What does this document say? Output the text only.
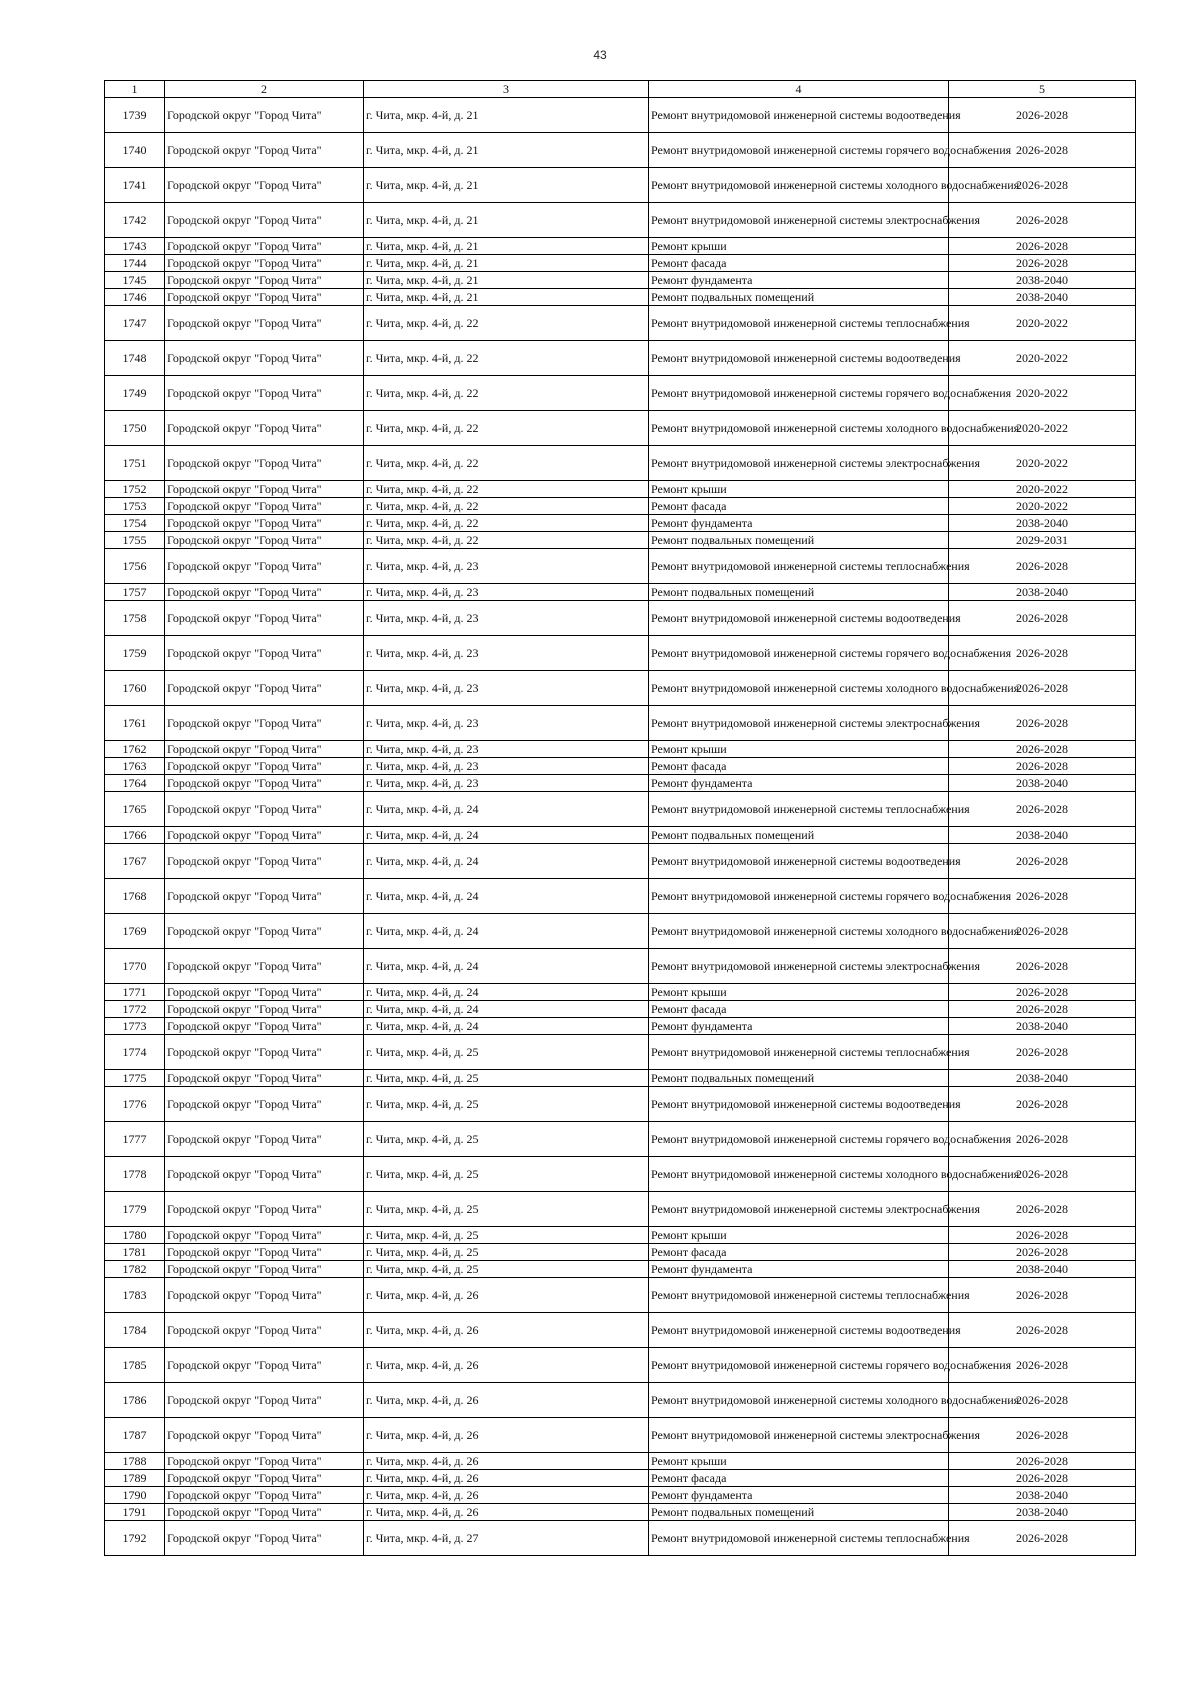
43
1	2	3	4	5
1739	Городской округ "Город Чита"	г. Чита, мкр. 4-й, д. 21	Ремонт внутридомовой инженерной системы водоотведения	2026-2028
1740	Городской округ "Город Чита"	г. Чита, мкр. 4-й, д. 21	Ремонт внутридомовой инженерной системы горячего водоснабжения	2026-2028
1741	Городской округ "Город Чита"	г. Чита, мкр. 4-й, д. 21	Ремонт внутридомовой инженерной системы холодного водоснабжения	2026-2028
1742	Городской округ "Город Чита"	г. Чита, мкр. 4-й, д. 21	Ремонт внутридомовой инженерной системы электроснабжения	2026-2028
1743	Городской округ "Город Чита"	г. Чита, мкр. 4-й, д. 21	Ремонт крыши	2026-2028
1744	Городской округ "Город Чита"	г. Чита, мкр. 4-й, д. 21	Ремонт фасада	2026-2028
1745	Городской округ "Город Чита"	г. Чита, мкр. 4-й, д. 21	Ремонт фундамента	2038-2040
1746	Городской округ "Город Чита"	г. Чита, мкр. 4-й, д. 21	Ремонт подвальных помещений	2038-2040
1747	Городской округ "Город Чита"	г. Чита, мкр. 4-й, д. 22	Ремонт внутридомовой инженерной системы теплоснабжения	2020-2022
1748	Городской округ "Город Чита"	г. Чита, мкр. 4-й, д. 22	Ремонт внутридомовой инженерной системы водоотведения	2020-2022
1749	Городской округ "Город Чита"	г. Чита, мкр. 4-й, д. 22	Ремонт внутридомовой инженерной системы горячего водоснабжения	2020-2022
1750	Городской округ "Город Чита"	г. Чита, мкр. 4-й, д. 22	Ремонт внутридомовой инженерной системы холодного водоснабжения	2020-2022
1751	Городской округ "Город Чита"	г. Чита, мкр. 4-й, д. 22	Ремонт внутридомовой инженерной системы электроснабжения	2020-2022
1752	Городской округ "Город Чита"	г. Чита, мкр. 4-й, д. 22	Ремонт крыши	2020-2022
1753	Городской округ "Город Чита"	г. Чита, мкр. 4-й, д. 22	Ремонт фасада	2020-2022
1754	Городской округ "Город Чита"	г. Чита, мкр. 4-й, д. 22	Ремонт фундамента	2038-2040
1755	Городской округ "Город Чита"	г. Чита, мкр. 4-й, д. 22	Ремонт подвальных помещений	2029-2031
1756	Городской округ "Город Чита"	г. Чита, мкр. 4-й, д. 23	Ремонт внутридомовой инженерной системы теплоснабжения	2026-2028
1757	Городской округ "Город Чита"	г. Чита, мкр. 4-й, д. 23	Ремонт подвальных помещений	2038-2040
1758	Городской округ "Город Чита"	г. Чита, мкр. 4-й, д. 23	Ремонт внутридомовой инженерной системы водоотведения	2026-2028
1759	Городской округ "Город Чита"	г. Чита, мкр. 4-й, д. 23	Ремонт внутридомовой инженерной системы горячего водоснабжения	2026-2028
1760	Городской округ "Город Чита"	г. Чита, мкр. 4-й, д. 23	Ремонт внутридомовой инженерной системы холодного водоснабжения	2026-2028
1761	Городской округ "Город Чита"	г. Чита, мкр. 4-й, д. 23	Ремонт внутридомовой инженерной системы электроснабжения	2026-2028
1762	Городской округ "Город Чита"	г. Чита, мкр. 4-й, д. 23	Ремонт крыши	2026-2028
1763	Городской округ "Город Чита"	г. Чита, мкр. 4-й, д. 23	Ремонт фасада	2026-2028
1764	Городской округ "Город Чита"	г. Чита, мкр. 4-й, д. 23	Ремонт фундамента	2038-2040
1765	Городской округ "Город Чита"	г. Чита, мкр. 4-й, д. 24	Ремонт внутридомовой инженерной системы теплоснабжения	2026-2028
1766	Городской округ "Город Чита"	г. Чита, мкр. 4-й, д. 24	Ремонт подвальных помещений	2038-2040
1767	Городской округ "Город Чита"	г. Чита, мкр. 4-й, д. 24	Ремонт внутридомовой инженерной системы водоотведения	2026-2028
1768	Городской округ "Город Чита"	г. Чита, мкр. 4-й, д. 24	Ремонт внутридомовой инженерной системы горячего водоснабжения	2026-2028
1769	Городской округ "Город Чита"	г. Чита, мкр. 4-й, д. 24	Ремонт внутридомовой инженерной системы холодного водоснабжения	2026-2028
1770	Городской округ "Город Чита"	г. Чита, мкр. 4-й, д. 24	Ремонт внутридомовой инженерной системы электроснабжения	2026-2028
1771	Городской округ "Город Чита"	г. Чита, мкр. 4-й, д. 24	Ремонт крыши	2026-2028
1772	Городской округ "Город Чита"	г. Чита, мкр. 4-й, д. 24	Ремонт фасада	2026-2028
1773	Городской округ "Город Чита"	г. Чита, мкр. 4-й, д. 24	Ремонт фундамента	2038-2040
1774	Городской округ "Город Чита"	г. Чита, мкр. 4-й, д. 25	Ремонт внутридомовой инженерной системы теплоснабжения	2026-2028
1775	Городской округ "Город Чита"	г. Чита, мкр. 4-й, д. 25	Ремонт подвальных помещений	2038-2040
1776	Городской округ "Город Чита"	г. Чита, мкр. 4-й, д. 25	Ремонт внутридомовой инженерной системы водоотведения	2026-2028
1777	Городской округ "Город Чита"	г. Чита, мкр. 4-й, д. 25	Ремонт внутридомовой инженерной системы горячего водоснабжения	2026-2028
1778	Городской округ "Город Чита"	г. Чита, мкр. 4-й, д. 25	Ремонт внутридомовой инженерной системы холодного водоснабжения	2026-2028
1779	Городской округ "Город Чита"	г. Чита, мкр. 4-й, д. 25	Ремонт внутридомовой инженерной системы электроснабжения	2026-2028
1780	Городской округ "Город Чита"	г. Чита, мкр. 4-й, д. 25	Ремонт крыши	2026-2028
1781	Городской округ "Город Чита"	г. Чита, мкр. 4-й, д. 25	Ремонт фасада	2026-2028
1782	Городской округ "Город Чита"	г. Чита, мкр. 4-й, д. 25	Ремонт фундамента	2038-2040
1783	Городской округ "Город Чита"	г. Чита, мкр. 4-й, д. 26	Ремонт внутридомовой инженерной системы теплоснабжения	2026-2028
1784	Городской округ "Город Чита"	г. Чита, мкр. 4-й, д. 26	Ремонт внутридомовой инженерной системы водоотведения	2026-2028
1785	Городской округ "Город Чита"	г. Чита, мкр. 4-й, д. 26	Ремонт внутридомовой инженерной системы горячего водоснабжения	2026-2028
1786	Городской округ "Город Чита"	г. Чита, мкр. 4-й, д. 26	Ремонт внутридомовой инженерной системы холодного водоснабжения	2026-2028
1787	Городской округ "Город Чита"	г. Чита, мкр. 4-й, д. 26	Ремонт внутридомовой инженерной системы электроснабжения	2026-2028
1788	Городской округ "Город Чита"	г. Чита, мкр. 4-й, д. 26	Ремонт крыши	2026-2028
1789	Городской округ "Город Чита"	г. Чита, мкр. 4-й, д. 26	Ремонт фасада	2026-2028
1790	Городской округ "Город Чита"	г. Чита, мкр. 4-й, д. 26	Ремонт фундамента	2038-2040
1791	Городской округ "Город Чита"	г. Чита, мкр. 4-й, д. 26	Ремонт подвальных помещений	2038-2040
1792	Городской округ "Город Чита"	г. Чита, мкр. 4-й, д. 27	Ремонт внутридомовой инженерной системы теплоснабжения	2026-2028
